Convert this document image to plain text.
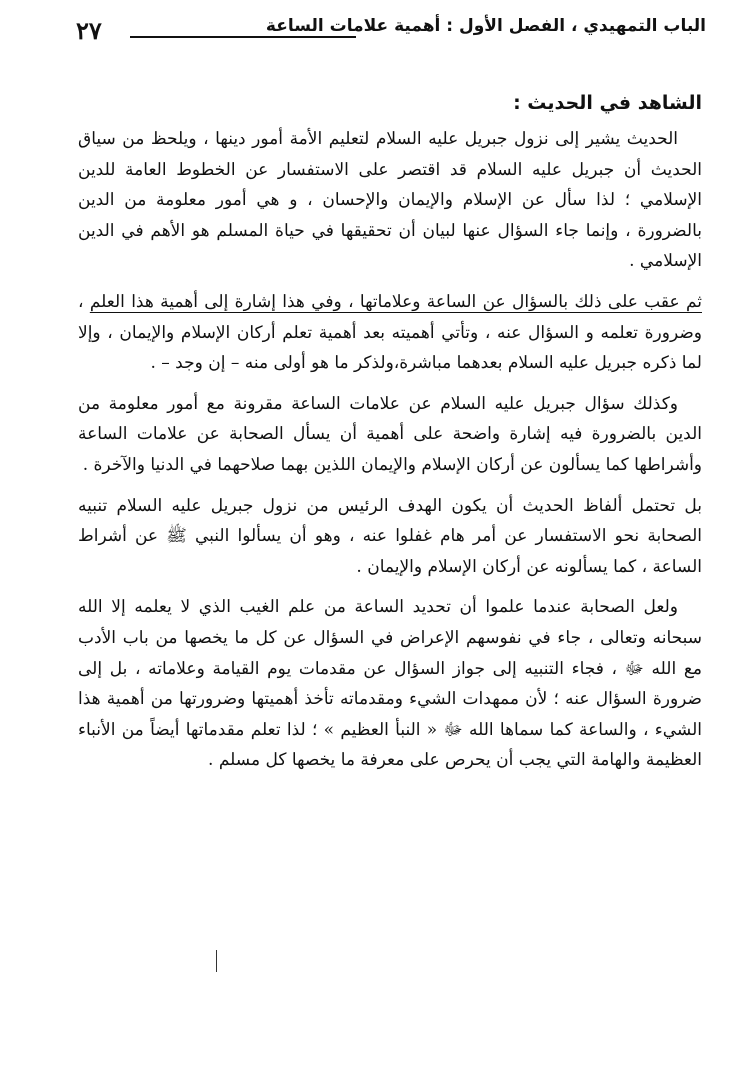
٢٧	الباب التمهيدي ، الفصل الأول : أهمية علامات الساعة
الشاهد في الحديث :

الحديث يشير إلى نزول جبريل عليه السلام لتعليم الأمة أمور دينها ، ويلحظ من سياق الحديث أن جبريل عليه السلام قد اقتصر على الاستفسار عن الخطوط العامة للدين الإسلامي ؛ لذا سأل عن الإسلام والإيمان والإحسان ، و هي أمور معلومة من الدين بالضرورة ، وإنما جاء السؤال عنها لبيان أن تحقيقها في حياة المسلم هو الأهم في الدين الإسلامي .

ثم عقب على ذلك بالسؤال عن الساعة وعلاماتها ، وفي هذا إشارة إلى أهمية هذا العلم ، وضرورة تعلمه و السؤال عنه ، وتأتي أهميته بعد أهمية تعلم أركان الإسلام والإيمان ، وإلا لما ذكره جبريل عليه السلام بعدهما مباشرة،ولذكر ما هو أولى منه – إن وجد – .

وكذلك سؤال جبريل عليه السلام عن علامات الساعة مقرونة مع أمور معلومة من الدين بالضرورة فيه إشارة واضحة على أهمية أن يسأل الصحابة عن علامات الساعة وأشراطها كما يسألون عن أركان الإسلام والإيمان اللذين بهما صلاحهما في الدنيا والآخرة .

بل تحتمل ألفاظ الحديث أن يكون الهدف الرئيس من نزول جبريل عليه السلام تنبيه الصحابة نحو الاستفسار عن أمر هام غفلوا عنه ، وهو أن يسألوا النبي ﷺ عن أشراط الساعة ، كما يسألونه عن أركان الإسلام والإيمان .

ولعل الصحابة عندما علموا أن تحديد الساعة من علم الغيب الذي لا يعلمه إلا الله سبحانه وتعالى ، جاء في نفوسهم الإعراض في السؤال عن كل ما يخصها من باب الأدب مع الله ﷻ ، فجاء التنبيه إلى جواز السؤال عن مقدمات يوم القيامة وعلاماته ، بل إلى ضرورة السؤال عنه ؛ لأن ممهدات الشيء ومقدماته تأخذ أهميتها وضرورتها من أهمية هذا الشيء ، والساعة كما سماها الله ﷻ « النبأ العظيم » ؛ لذا تعلم مقدماتها أيضاً من الأنباء العظيمة والهامة التي يجب أن يحرص على معرفة ما يخصها كل مسلم .
